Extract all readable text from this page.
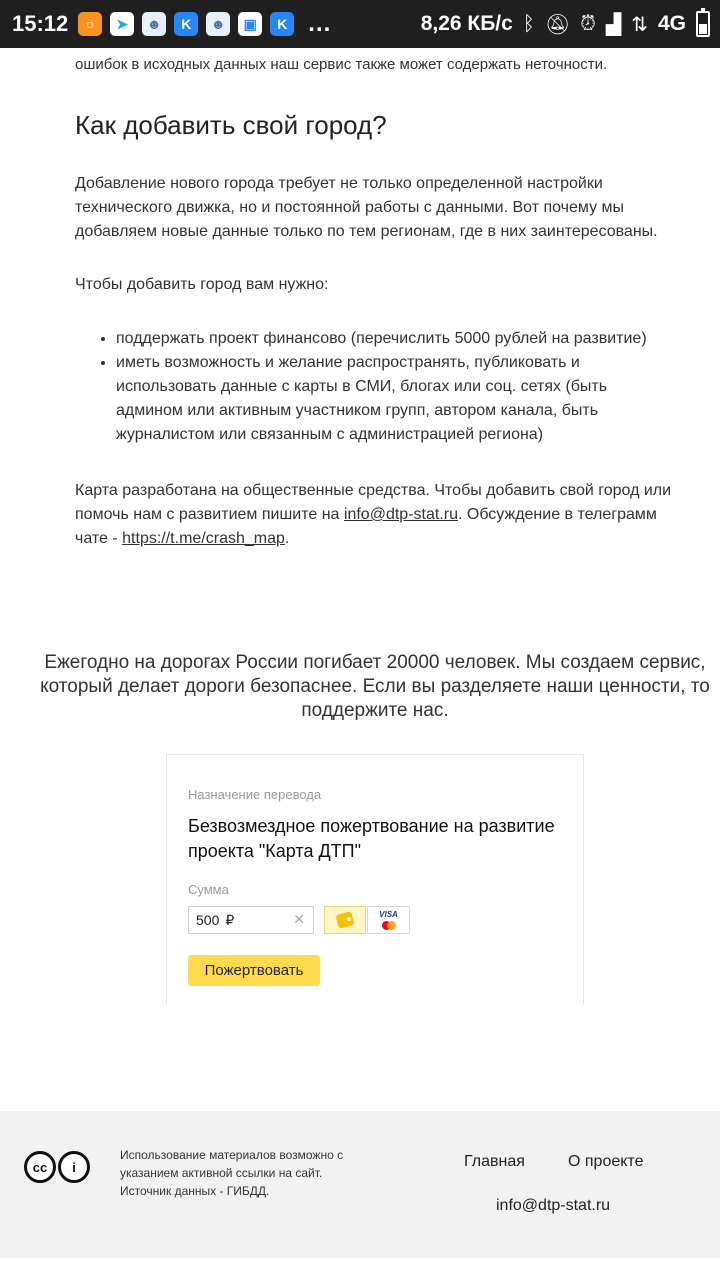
15:12	○	➤	☻	K	☻	▣	K ...	8,26 КБ/с ᛒ 🔕︎ ⏰︎ ▟ ⇅ 4G
ошибок в исходных данных наш сервис также может содержать неточности.
Как добавить свой город?

Добавление нового города требует не только определенной настройки технического движка, но и постоянной работы с данными. Вот почему мы добавляем новые данные только по тем регионам, где в них заинтересованы.

Чтобы добавить город вам нужно:

• поддержать проект финансово (перечислить 5000 рублей на развитие)
• иметь возможность и желание распространять, публиковать и использовать данные с карты в СМИ, блогах или соц. сетях (быть админом или активным участником групп, автором канала, быть журналистом или связанным с администрацией региона)

Карта разработана на общественные средства. Чтобы добавить свой город или помочь нам с развитием пишите на info@dtp-stat.ru. Обсуждение в телеграмм чате - https://t.me/crash_map.

Ежегодно на дорогах России погибает 20000 человек. Мы создаем сервис, который делает дороги безопаснее. Если вы разделяете наши ценности, то поддержите нас.

Назначение перевода
Безвозмездное пожертвование на развитие проекта "Карта ДТП"
Сумма
500 ₽	✕	VISA
Пожертвовать
cc	i
Использование материалов возможно с
указанием активной ссылки на сайт.
Источник данных - ГИБДД.
Главная	О проекте
info@dtp-stat.ru
